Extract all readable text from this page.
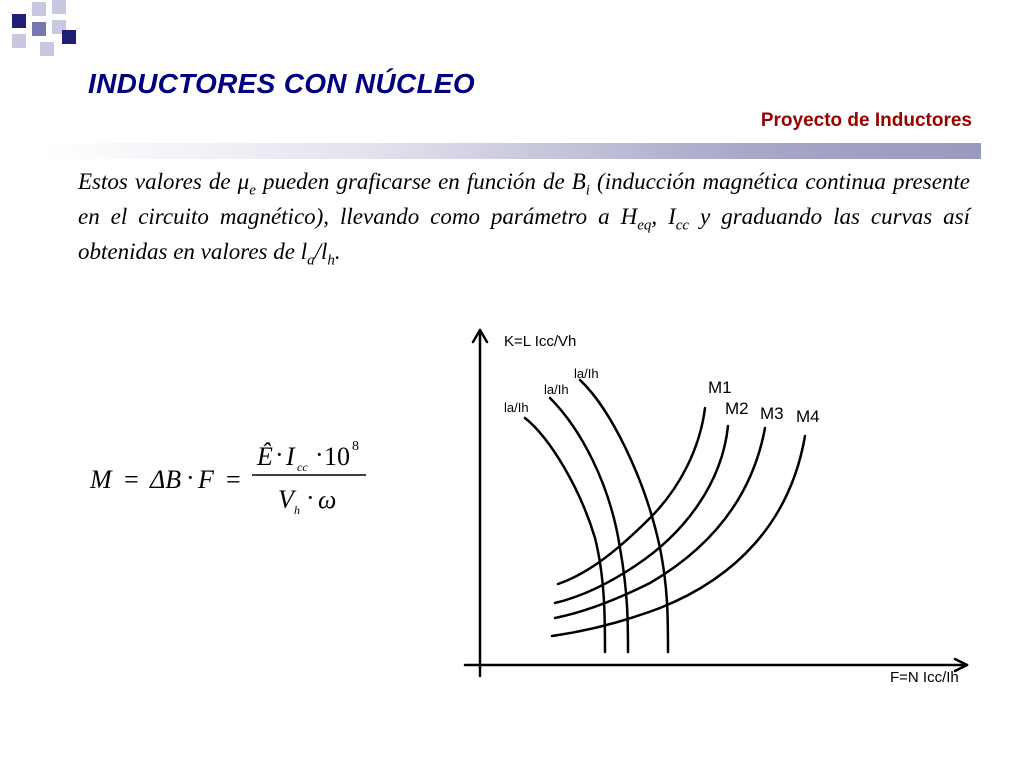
INDUCTORES CON NÚCLEO
Proyecto de Inductores

Estos valores de $\mu_e$ pueden graficarse en función de $B_i$ (inducción magnética continua presente en el circuito magnético), llevando como parámetro a $H_{eq}$, $I_{cc}$ y graduando las curvas así obtenidas en valores de $l_a/l_h$.

M = ΔB · F =
Ê · I cc · 10 8
V h · ω
K=L Icc/Vh
F=N Icc/Ih
la/Ih
la/Ih
la/Ih
M1
M2 M3 M4
